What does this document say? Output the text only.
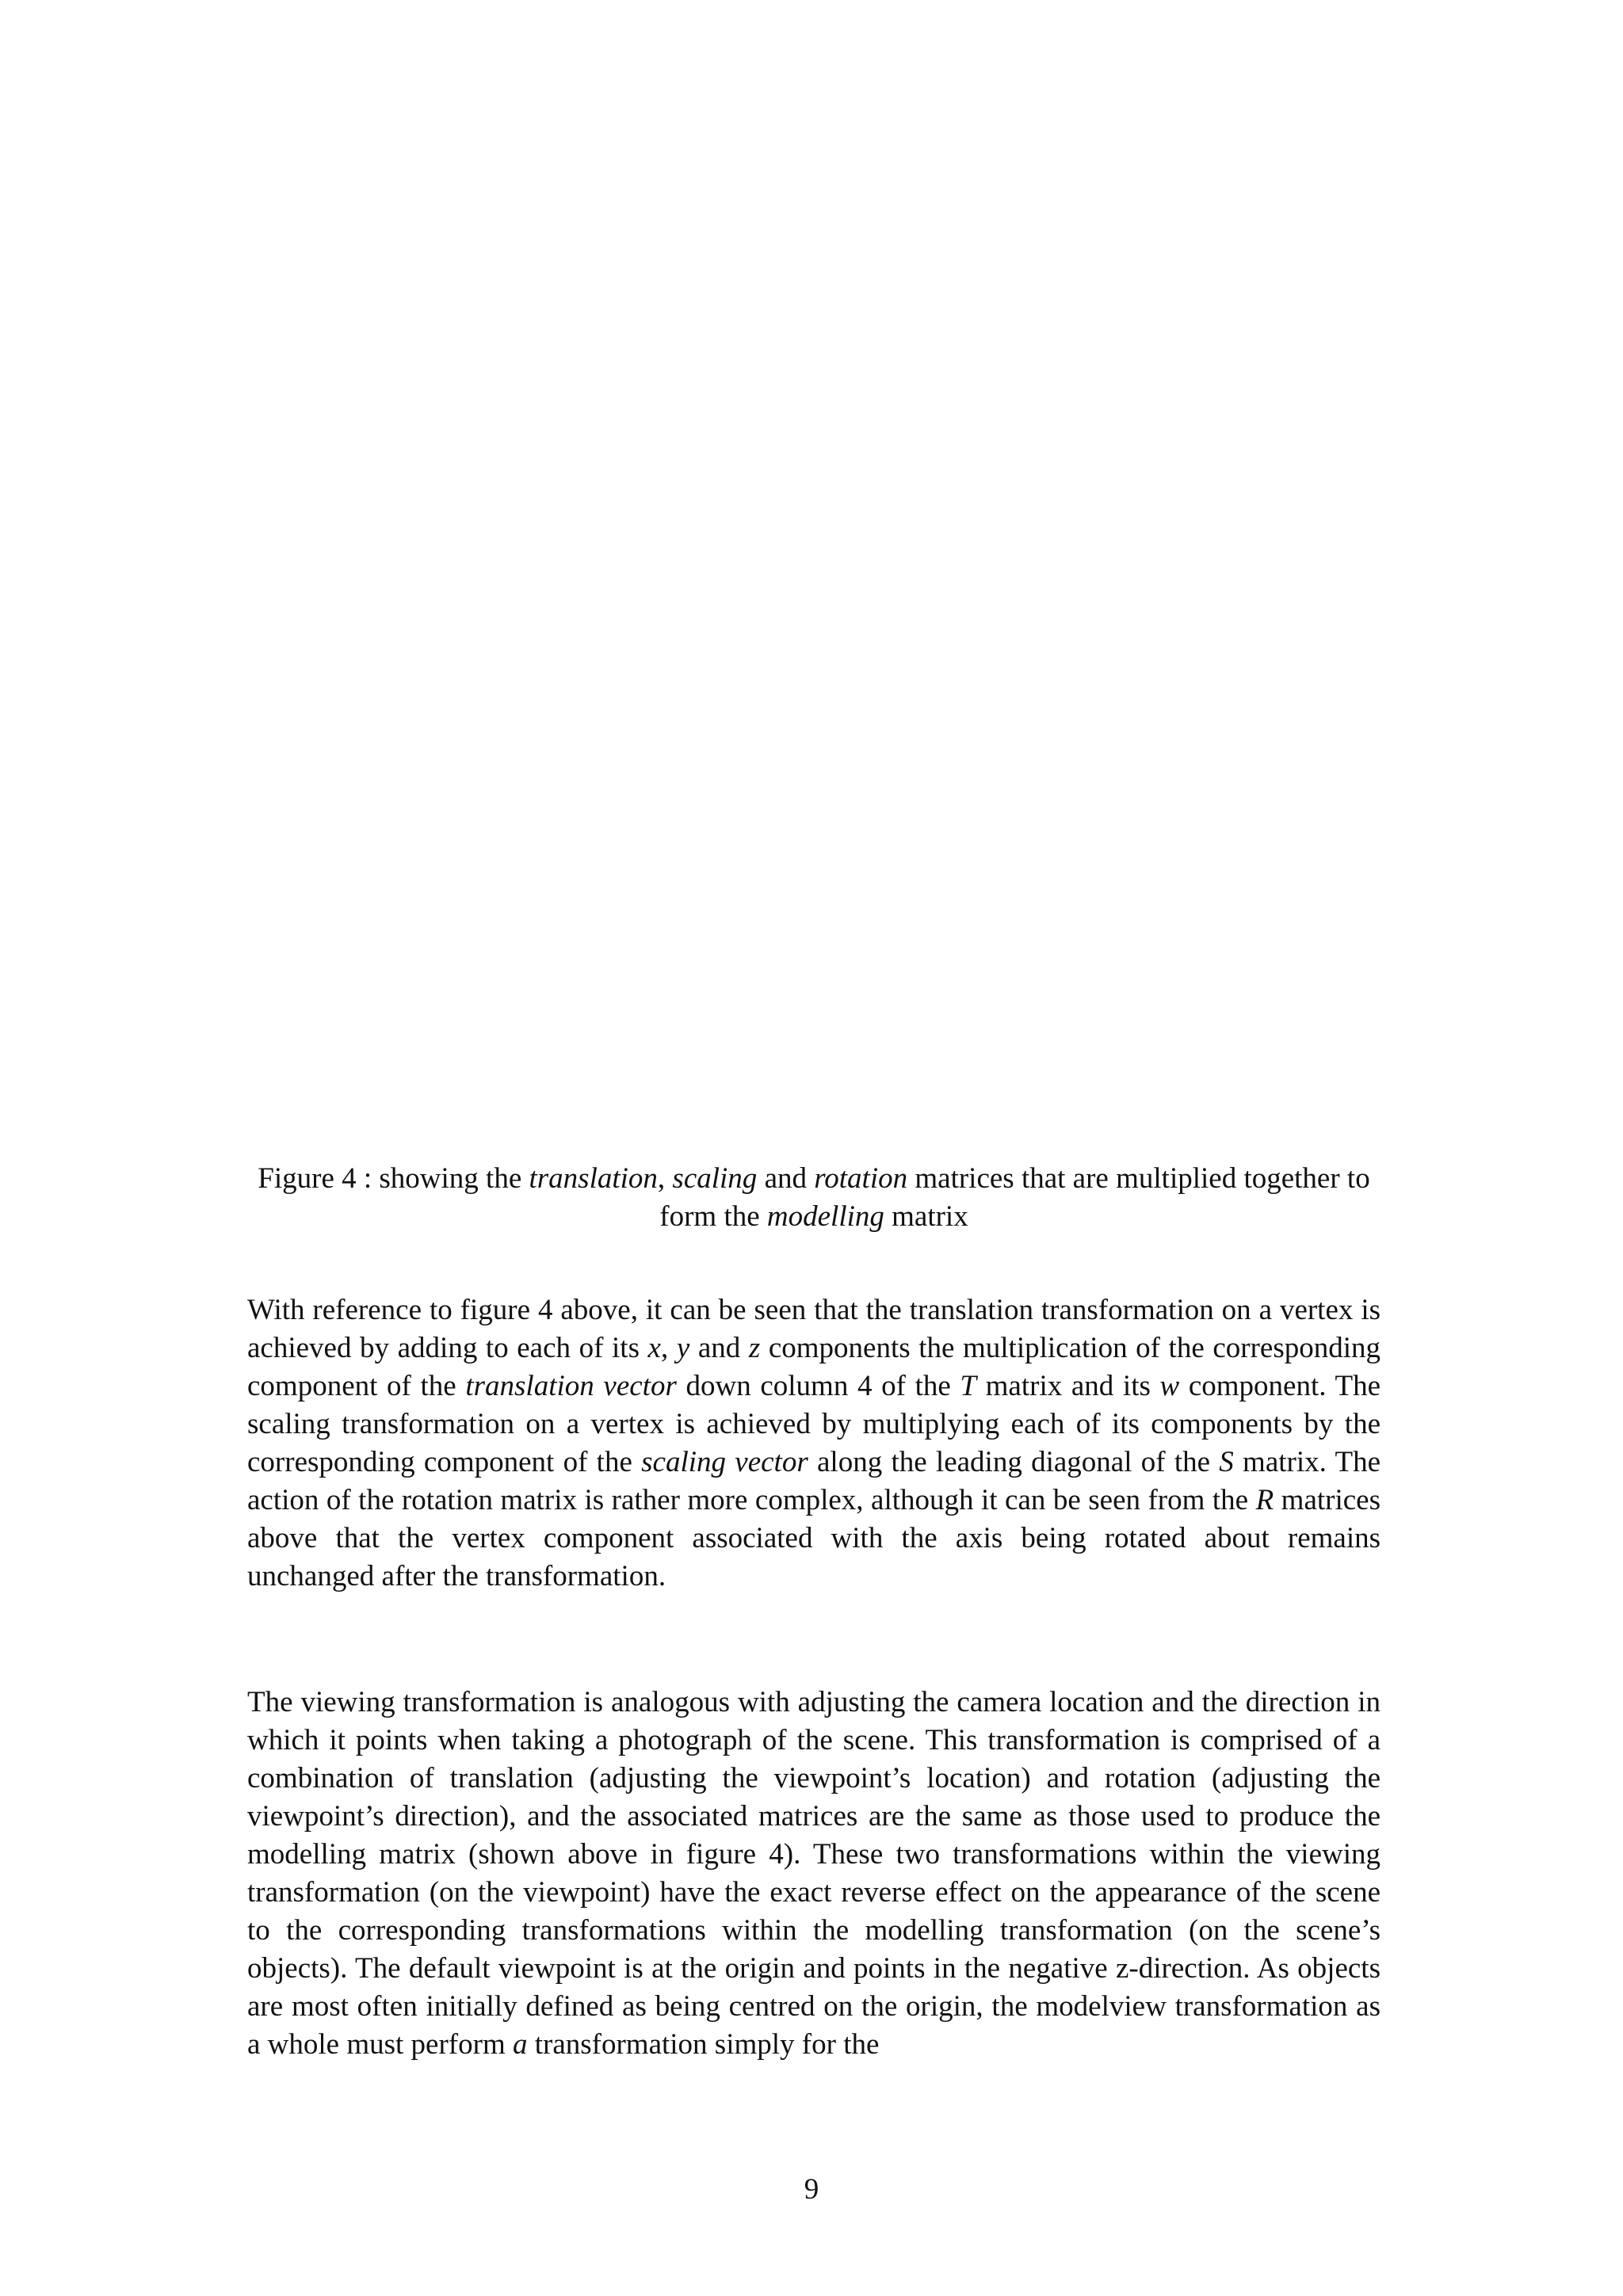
Figure 4 : showing the translation, scaling and rotation matrices that are multiplied together to form the modelling matrix
With reference to figure 4 above, it can be seen that the translation transformation on a vertex is achieved by adding to each of its x, y and z components the multiplication of the corresponding component of the translation vector down column 4 of the T matrix and its w component. The scaling transformation on a vertex is achieved by multiplying each of its components by the corresponding component of the scaling vector along the leading diagonal of the S matrix. The action of the rotation matrix is rather more complex, although it can be seen from the R matrices above that the vertex component associated with the axis being rotated about remains unchanged after the transformation.
The viewing transformation is analogous with adjusting the camera location and the direction in which it points when taking a photograph of the scene. This transformation is comprised of a combination of translation (adjusting the viewpoint’s location) and rotation (adjusting the viewpoint’s direction), and the associated matrices are the same as those used to produce the modelling matrix (shown above in figure 4). These two transformations within the viewing transformation (on the viewpoint) have the exact reverse effect on the appearance of the scene to the corresponding transformations within the modelling transformation (on the scene’s objects). The default viewpoint is at the origin and points in the negative z-direction. As objects are most often initially defined as being centred on the origin, the modelview transformation as a whole must perform a transformation simply for the
9
